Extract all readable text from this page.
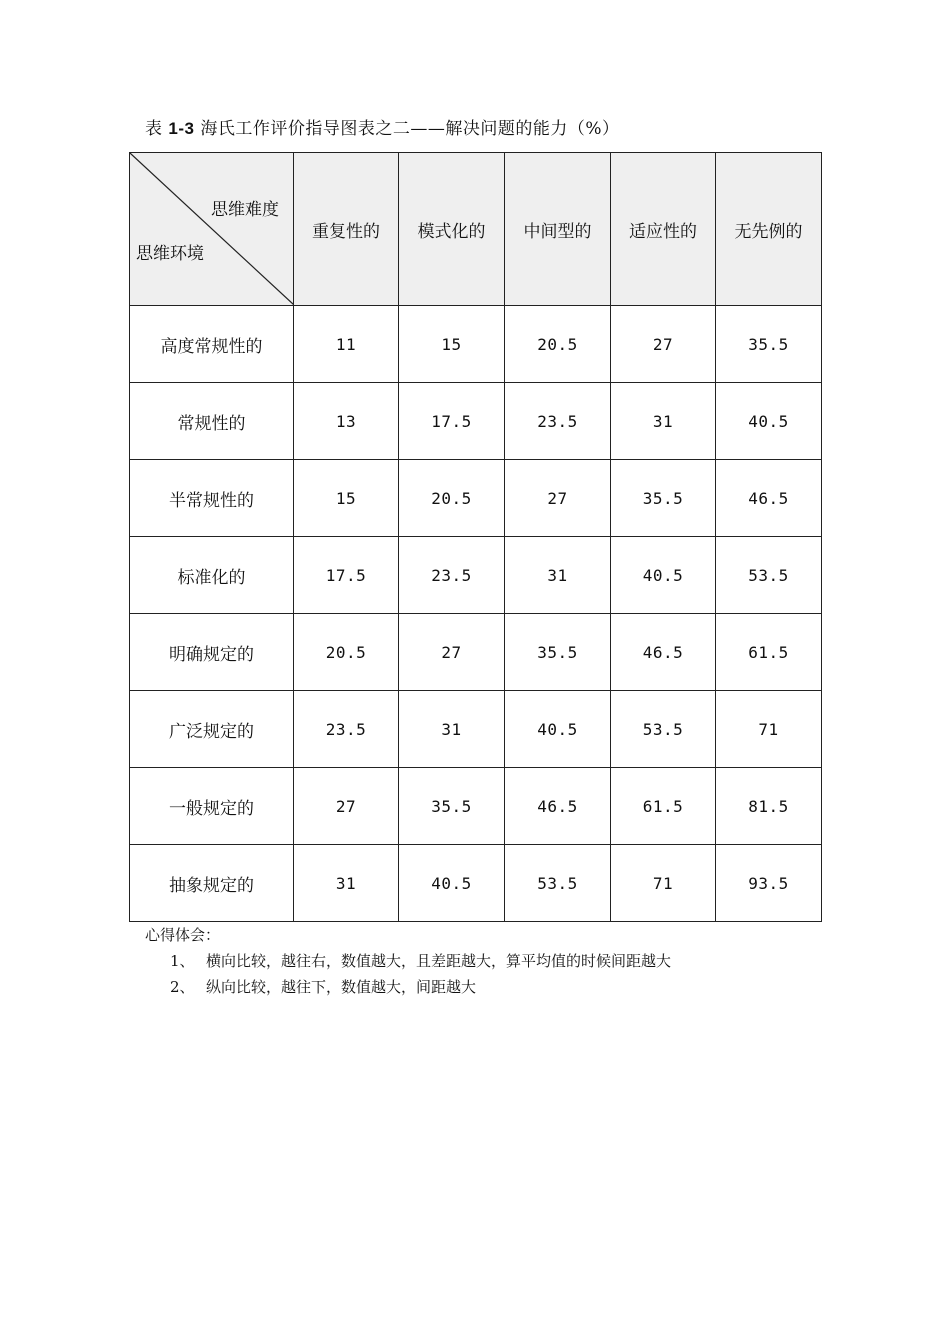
表 1-3 海氏工作评价指导图表之二——解决问题的能力（%）
思维难度
思维环境	重复性的	模式化的	中间型的	适应性的	无先例的
高度常规性的	11	15	20.5	27	35.5
常规性的	13	17.5	23.5	31	40.5
半常规性的	15	20.5	27	35.5	46.5
标准化的	17.5	23.5	31	40.5	53.5
明确规定的	20.5	27	35.5	46.5	61.5
广泛规定的	23.5	31	40.5	53.5	71
一般规定的	27	35.5	46.5	61.5	81.5
抽象规定的	31	40.5	53.5	71	93.5
心得体会：
1、 横向比较，越往右，数值越大，且差距越大，算平均值的时候间距越大
2、 纵向比较，越往下，数值越大，间距越大
